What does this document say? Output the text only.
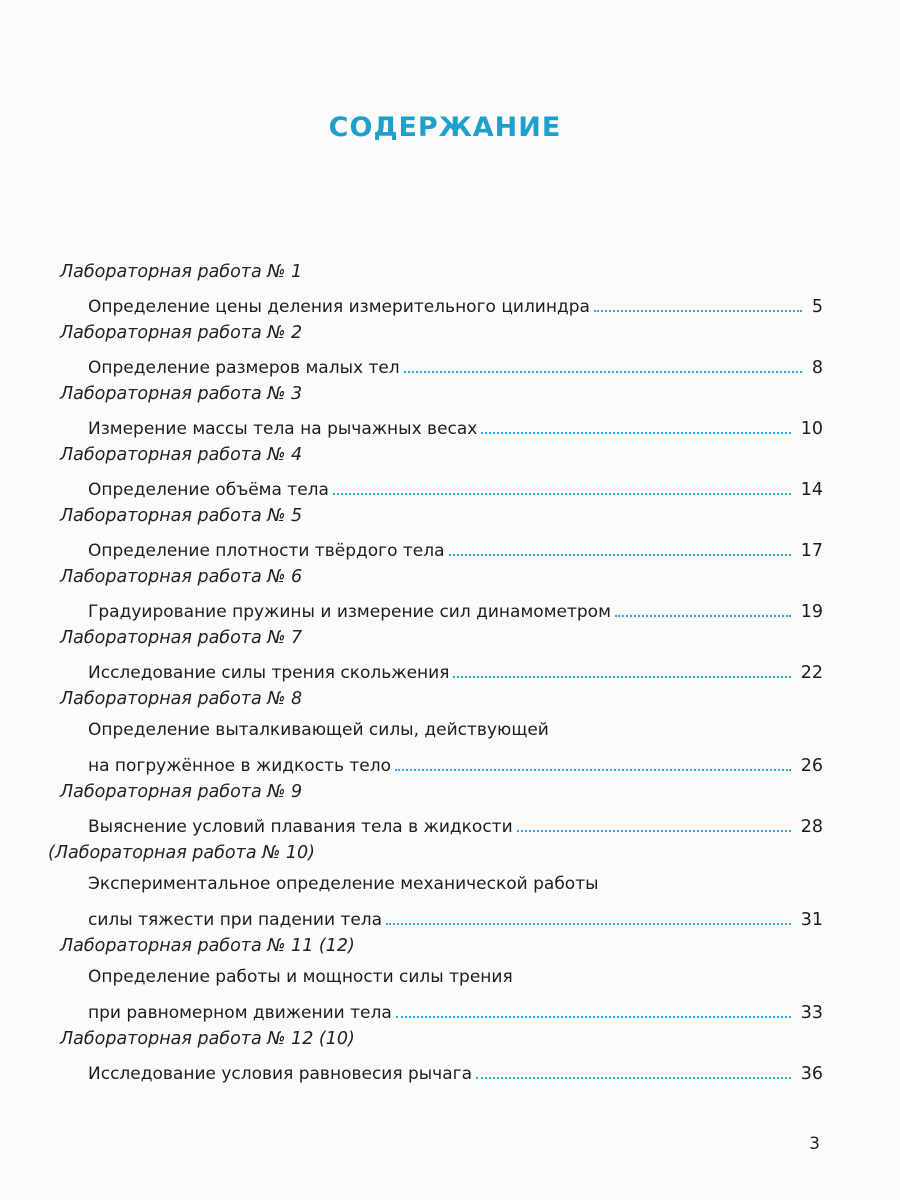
СОДЕРЖАНИЕ
Лабораторная работа № 1
Определение цены деления измерительного цилиндра	5
Лабораторная работа № 2
Определение размеров малых тел	8
Лабораторная работа № 3
Измерение массы тела на рычажных весах	10
Лабораторная работа № 4
Определение объёма тела	14
Лабораторная работа № 5
Определение плотности твёрдого тела	17
Лабораторная работа № 6
Градуирование пружины и измерение сил динамометром	19
Лабораторная работа № 7
Исследование силы трения скольжения	22
Лабораторная работа № 8
Определение выталкивающей силы, действующей
на погружённое в жидкость тело	26
Лабораторная работа № 9
Выяснение условий плавания тела в жидкости	28
(Лабораторная работа № 10)
Экспериментальное определение механической работы
силы тяжести при падении тела	31
Лабораторная работа № 11 (12)
Определение работы и мощности силы трения
при равномерном движении тела	33
Лабораторная работа № 12 (10)
Исследование условия равновесия рычага	36
3
